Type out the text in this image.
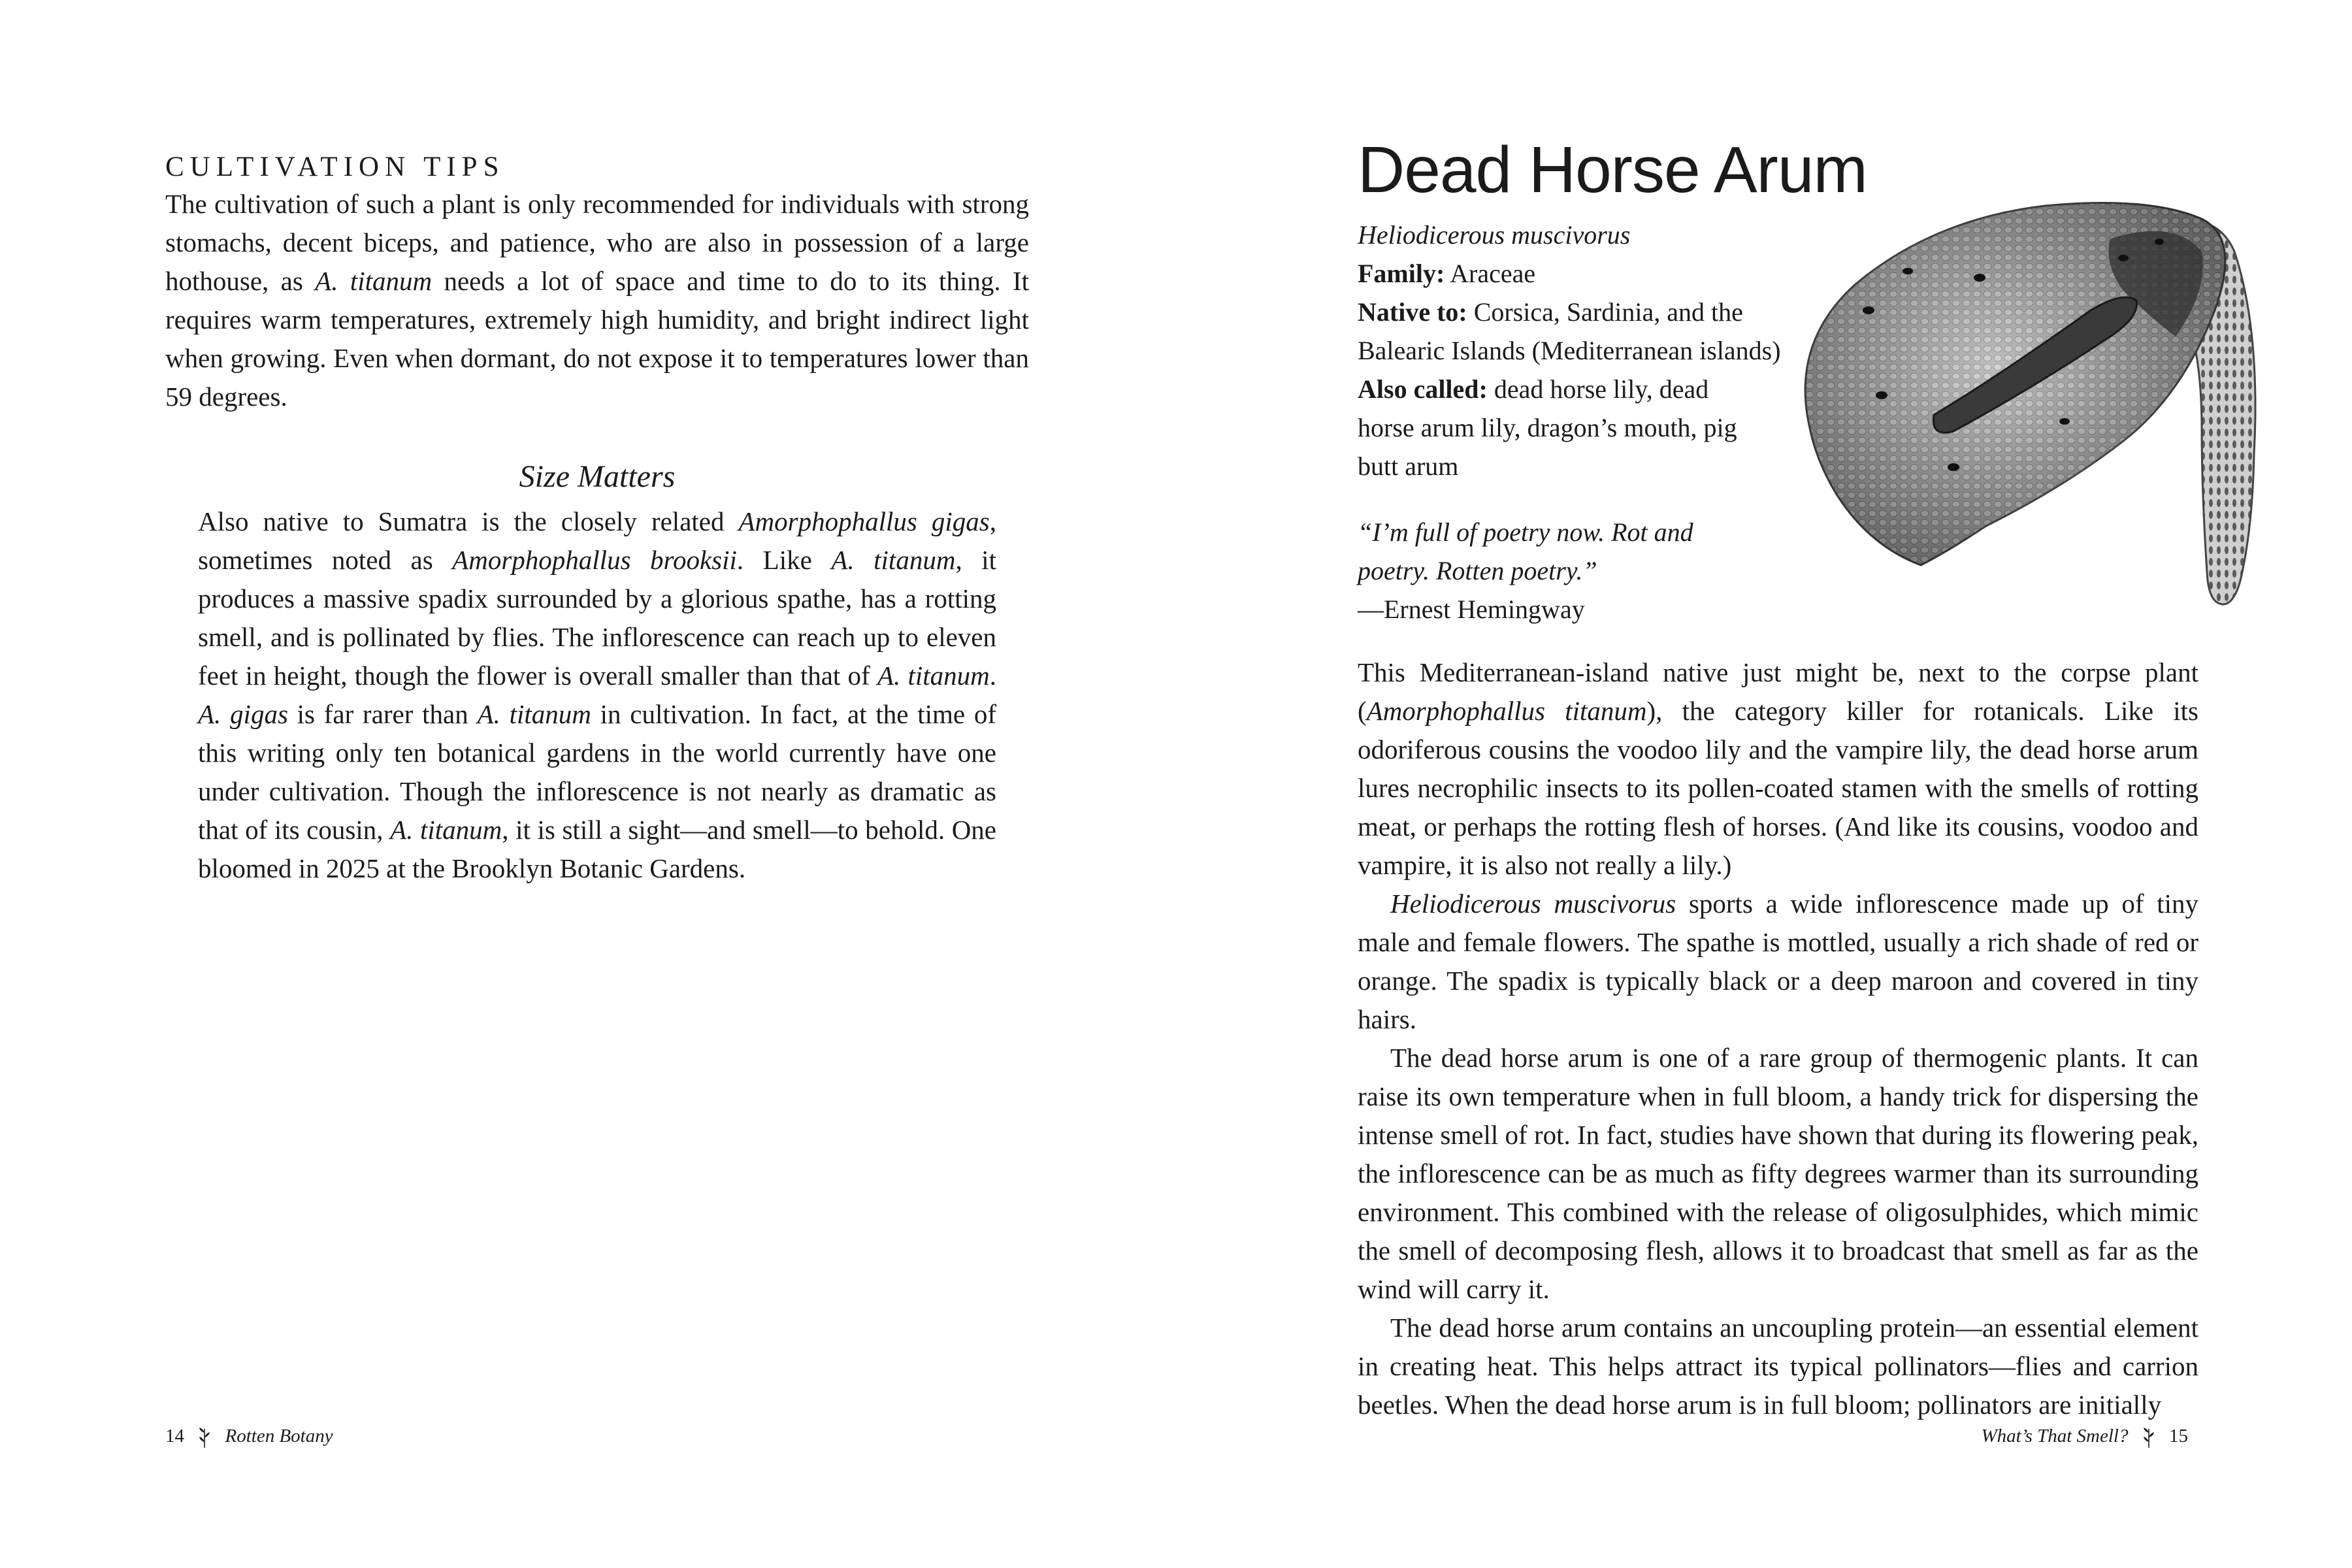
CULTIVATION TIPS

The cultivation of such a plant is only recommended for individuals with strong stomachs, decent biceps, and patience, who are also in possession of a large hothouse, as A. titanum needs a lot of space and time to do to its thing. It requires warm temperatures, extremely high humidity, and bright indirect light when growing. Even when dormant, do not expose it to temperatures lower than 59 degrees.

Size Matters

Also native to Sumatra is the closely related Amorphophallus gigas, sometimes noted as Amorphophallus brooksii. Like A. titanum, it produces a massive spadix surrounded by a glorious spathe, has a rotting smell, and is pollinated by flies. The inflorescence can reach up to eleven feet in height, though the flower is overall smaller than that of A. titanum. A. gigas is far rarer than A. titanum in cultivation. In fact, at the time of this writing only ten botanical gardens in the world currently have one under cultivation. Though the inflorescence is not nearly as dramatic as that of its cousin, A. titanum, it is still a sight—and smell—to behold. One bloomed in 2025 at the Brooklyn Botanic Gardens.

14 Rotten Botany
Dead Horse Arum
Heliodicerous muscivorus
Family: Araceae
Native to: Corsica, Sardinia, and the Balearic Islands (Mediterranean islands)
Also called: dead horse lily, dead horse arum lily, dragon’s mouth, pig butt arum
“I’m full of poetry now. Rot and poetry. Rotten poetry.”
—Ernest Hemingway

This Mediterranean-island native just might be, next to the corpse plant (Amorphophallus titanum), the category killer for rotanicals. Like its odoriferous cousins the voodoo lily and the vampire lily, the dead horse arum lures necrophilic insects to its pollen-coated stamen with the smells of rotting meat, or perhaps the rotting flesh of horses. (And like its cousins, voodoo and vampire, it is also not really a lily.)

Heliodicerous muscivorus sports a wide inflorescence made up of tiny male and female flowers. The spathe is mottled, usually a rich shade of red or orange. The spadix is typically black or a deep maroon and covered in tiny hairs.

The dead horse arum is one of a rare group of thermogenic plants. It can raise its own temperature when in full bloom, a handy trick for dispersing the intense smell of rot. In fact, studies have shown that during its flowering peak, the inflorescence can be as much as fifty degrees warmer than its surrounding environment. This combined with the release of oligosulphides, which mimic the smell of decomposing flesh, allows it to broadcast that smell as far as the wind will carry it.

The dead horse arum contains an uncoupling protein—an essential element in creating heat. This helps attract its typical pollinators—flies and carrion beetles. When the dead horse arum is in full bloom; pollinators are initially

What’s That Smell? 15
